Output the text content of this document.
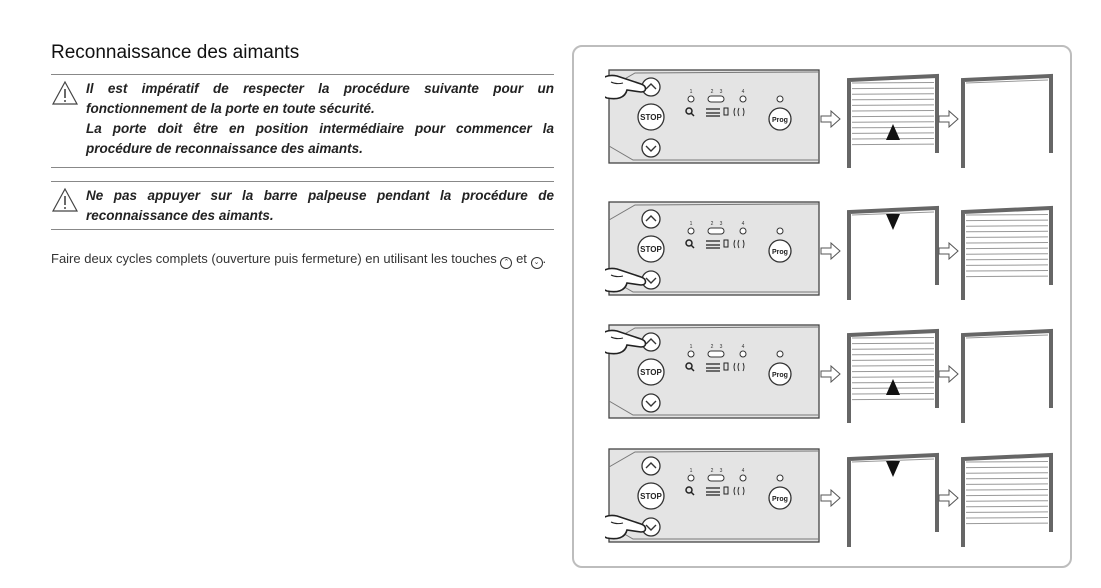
Reconnaissance des aimants

Il est impératif de respecter la procédure suivante pour un fonctionnement de la porte en toute sécurité.

La porte doit être en position intermédiaire pour commencer la procédure de reconnaissance des aimants.

Ne pas appuyer sur la barre palpeuse pendant la procédure de reconnaissance des aimants.

Faire deux cycles complets (ouverture puis fermeture) en utilisant les touches ⌃ et ⌄ .
STOP
1	2 3	4
Prog
STOP
1	2 3	4
Prog
STOP
1	2 3	4
Prog
STOP
1	2 3	4
Prog
